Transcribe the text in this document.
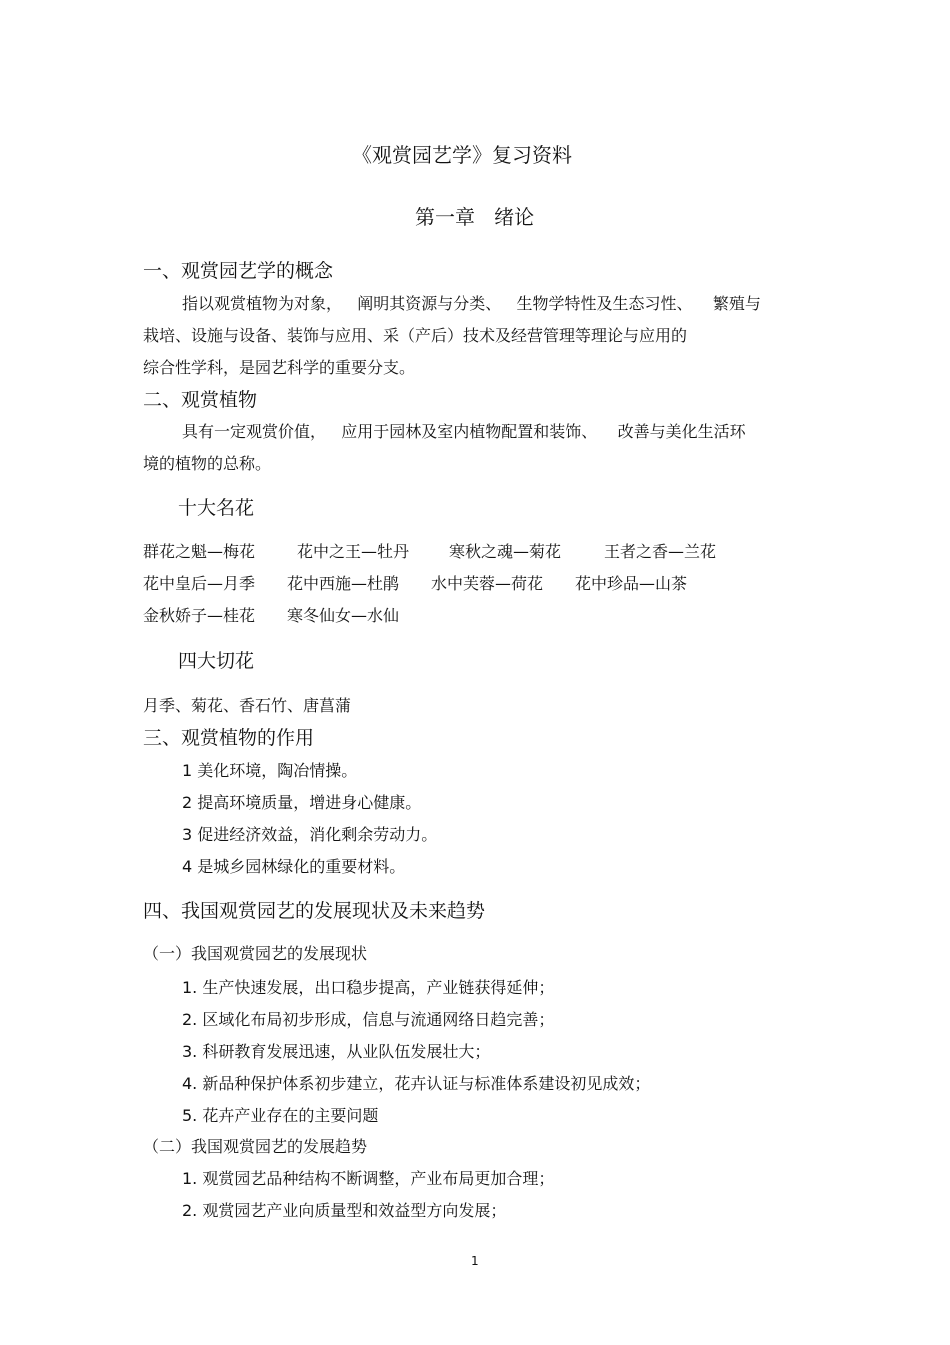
《观赏园艺学》复习资料
第一章   绪论
一、观赏园艺学的概念
指以观赏植物为对象，   阐明其资源与分类、   生物学特性及生态习性、    繁殖与
栽培、设施与设备、装饰与应用、采（产后）技术及经营管理等理论与应用的
综合性学科，是园艺科学的重要分支。
二、观赏植物
具有一定观赏价值，   应用于园林及室内植物配置和装饰、    改善与美化生活环
境的植物的总称。
十大名花
群花之魁—梅花	花中之王—牡丹 寒秋之魂—菊花	王者之香—兰花
花中皇后—月季 花中西施—杜鹃 水中芙蓉—荷花 花中珍品—山茶
金秋娇子—桂花 寒冬仙女—水仙
四大切花
月季、菊花、香石竹、唐菖蒲
三、观赏植物的作用
1 美化环境，陶冶情操。
2 提高环境质量，增进身心健康。
3 促进经济效益，消化剩余劳动力。
4 是城乡园林绿化的重要材料。
四、我国观赏园艺的发展现状及未来趋势
（一）我国观赏园艺的发展现状
1. 生产快速发展，出口稳步提高，产业链获得延伸；
2. 区域化布局初步形成，信息与流通网络日趋完善；
3. 科研教育发展迅速，从业队伍发展壮大；
4. 新品种保护体系初步建立，花卉认证与标准体系建设初见成效；
5. 花卉产业存在的主要问题
（二）我国观赏园艺的发展趋势
1. 观赏园艺品种结构不断调整，产业布局更加合理；
2. 观赏园艺产业向质量型和效益型方向发展；
1
